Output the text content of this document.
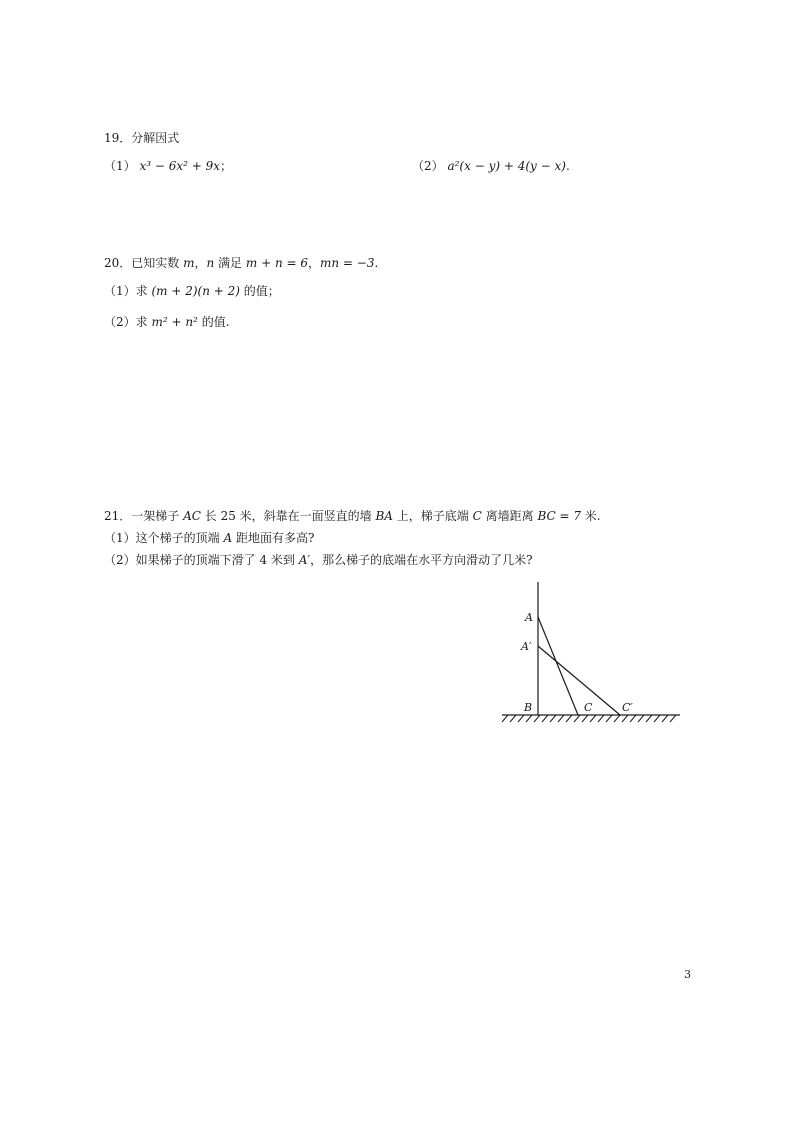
19．分解因式
（1） x³ − 6x² + 9x；	（2） a²(x − y) + 4(y − x).
20．已知实数 m，n 满足 m + n = 6，mn = −3.
（1）求 (m + 2)(n + 2) 的值；
（2）求 m² + n² 的值.
21．一架梯子 AC 长 25 米，斜靠在一面竖直的墙 BA 上，梯子底端 C 离墙距离 BC = 7 米.
（1）这个梯子的顶端 A 距地面有多高?
（2）如果梯子的顶端下滑了 4 米到 A′，那么梯子的底端在水平方向滑动了几米?
A
A′
B	C	C′
3
